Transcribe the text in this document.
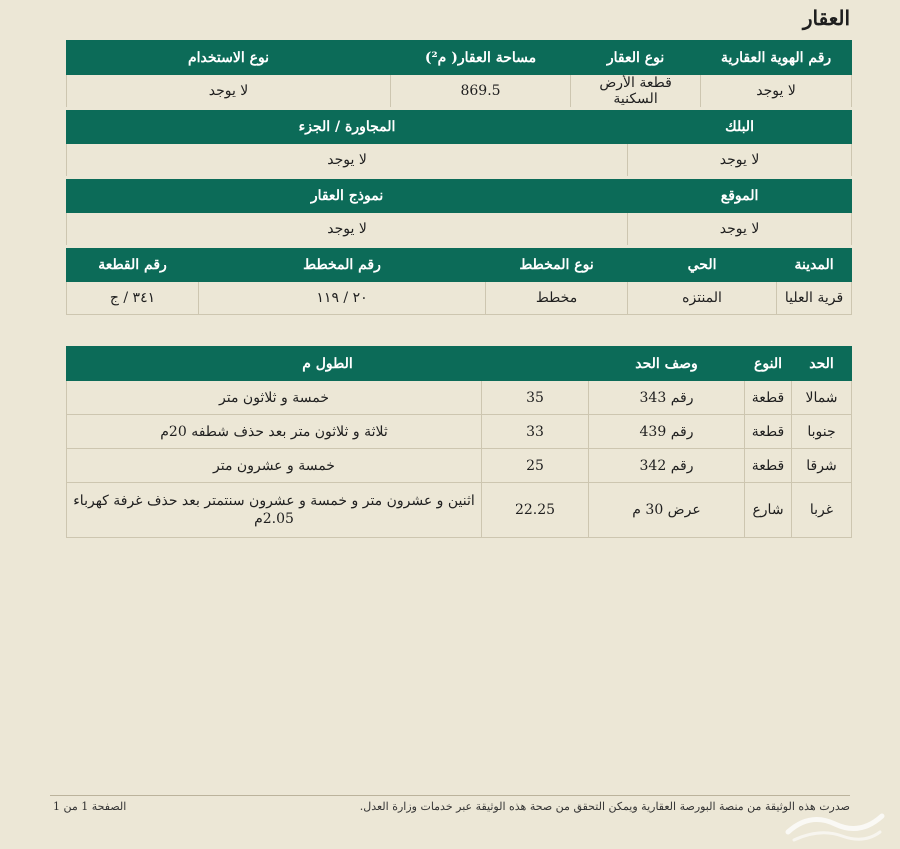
العقار
رقم الهوية العقارية		نوع العقار		مساحة العقار( م²)		نوع الاستخدام	
لا يوجد		قطعة الأرض السكنية		869.5		لا يوجد	
البلك			المجاورة / الجزء				
لا يوجد			لا يوجد				
الموقع			نموذج العقار				
لا يوجد			لا يوجد				
المدينة	الحي		نوع المخطط		رقم المخطط		رقم القطعة
قرية العليا	المنتزه		مخطط		٢٠ / ١١٩		٣٤١ / ج
الحد	النوع	وصف الحد	الطول م	
شمالا	قطعة	رقم 343	35	خمسة و ثلاثون متر
جنوبا	قطعة	رقم 439	33	ثلاثة و ثلاثون متر بعد حذف شطفه 20م
شرقا	قطعة	رقم 342	25	خمسة و عشرون متر
غربا	شارع	عرض 30 م	22.25	اثنين و عشرون متر و خمسة و عشرون سنتمتر بعد حذف غرفة كهرباء 2.05م
صدرت هذه الوثيقة من منصة البورصة العقارية ويمكن التحقق من صحة هذه الوثيقة عبر خدمات وزارة العدل.
الصفحة 1 من 1
